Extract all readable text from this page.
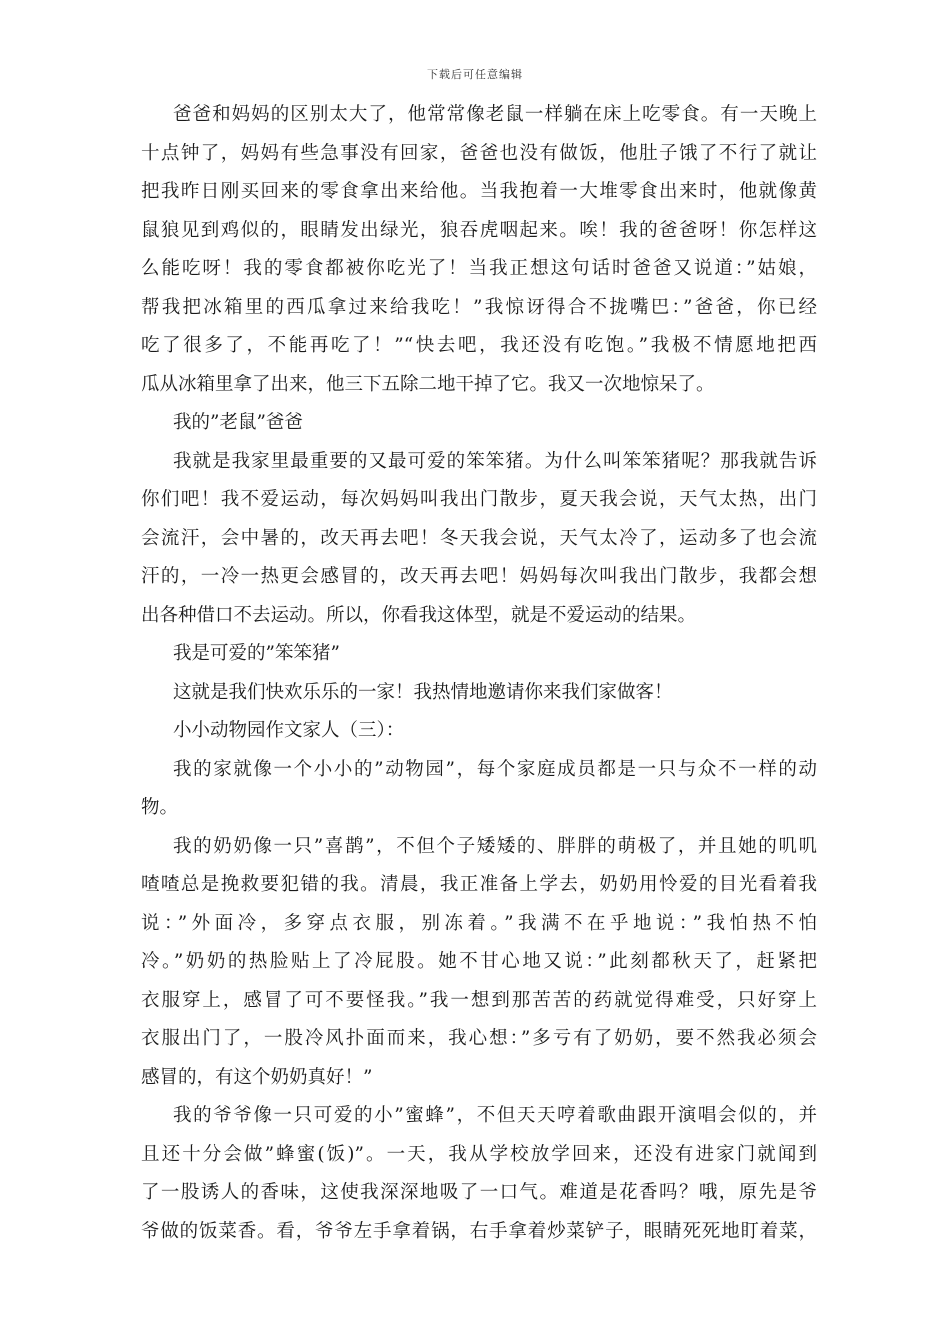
下载后可任意编辑
爸爸和妈妈的区别太大了，他常常像老鼠一样躺在床上吃零食。有一天晚上
十点钟了，妈妈有些急事没有回家，爸爸也没有做饭，他肚子饿了不行了就让
把我昨日刚买回来的零食拿出来给他。当我抱着一大堆零食出来时，他就像黄
鼠狼见到鸡似的，眼睛发出绿光，狼吞虎咽起来。唉！我的爸爸呀！你怎样这
么能吃呀！我的零食都被你吃光了！当我正想这句话时爸爸又说道：”姑娘，
帮我把冰箱里的西瓜拿过来给我吃！”我惊讶得合不拢嘴巴：”爸爸，你已经
吃了很多了，不能再吃了！”“快去吧，我还没有吃饱。”我极不情愿地把西
瓜从冰箱里拿了出来，他三下五除二地干掉了它。我又一次地惊呆了。
我的”老鼠”爸爸
我就是我家里最重要的又最可爱的笨笨猪。为什么叫笨笨猪呢？那我就告诉
你们吧！我不爱运动，每次妈妈叫我出门散步，夏天我会说，天气太热，出门
会流汗，会中暑的，改天再去吧！冬天我会说，天气太冷了，运动多了也会流
汗的，一冷一热更会感冒的，改天再去吧！妈妈每次叫我出门散步，我都会想
出各种借口不去运动。所以，你看我这体型，就是不爱运动的结果。
我是可爱的”笨笨猪”
这就是我们快欢乐乐的一家！我热情地邀请你来我们家做客！
小小动物园作文家人（三）：
我的家就像一个小小的”动物园”，每个家庭成员都是一只与众不一样的动
物。
我的奶奶像一只”喜鹊”，不但个子矮矮的、胖胖的萌极了，并且她的叽叽
喳喳总是挽救要犯错的我。清晨，我正准备上学去，奶奶用怜爱的目光看着我
说：”外面冷，多穿点衣服，别冻着。”我满不在乎地说：”我怕热不怕
冷。”奶奶的热脸贴上了冷屁股。她不甘心地又说：”此刻都秋天了，赶紧把
衣服穿上，感冒了可不要怪我。”我一想到那苦苦的药就觉得难受，只好穿上
衣服出门了，一股冷风扑面而来，我心想：”多亏有了奶奶，要不然我必须会
感冒的，有这个奶奶真好！”
我的爷爷像一只可爱的小”蜜蜂”，不但天天哼着歌曲跟开演唱会似的，并
且还十分会做”蜂蜜(饭)”。一天，我从学校放学回来，还没有进家门就闻到
了一股诱人的香味，这使我深深地吸了一口气。难道是花香吗？哦，原先是爷
爷做的饭菜香。看，爷爷左手拿着锅，右手拿着炒菜铲子，眼睛死死地盯着菜，
